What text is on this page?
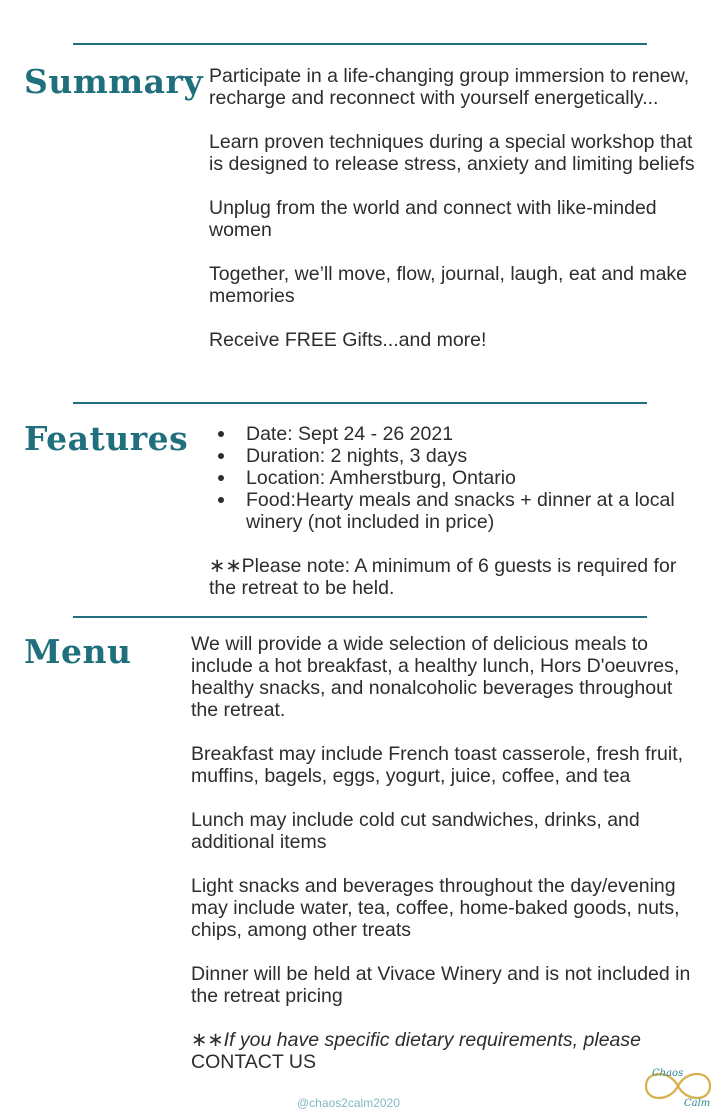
Summary Participate in a life-changing group immersion to renew, recharge and reconnect with yourself energetically...

Learn proven techniques during a special workshop that is designed to release stress, anxiety and limiting beliefs

Unplug from the world and connect with like-minded women

Together, we’ll move, flow, journal, laugh, eat and make memories

Receive FREE Gifts...and more!

Features	Date: Sept 24 - 26 2021
Duration: 2 nights, 3 days
Location: Amherstburg, Ontario
Food:Hearty meals and snacks + dinner at a local winery (not included in price)

∗∗Please note: A minimum of 6 guests is required for the retreat to be held.

Menu	We will provide a wide selection of delicious meals to include a hot breakfast, a healthy lunch, Hors D'oeuvres, healthy snacks, and nonalcoholic beverages throughout the retreat.

Breakfast may include French toast casserole, fresh fruit, muffins, bagels, eggs, yogurt, juice, coffee, and tea

Lunch may include cold cut sandwiches, drinks, and additional items

Light snacks and beverages throughout the day/evening may include water, tea, coffee, home-baked goods, nuts, chips, among other treats

Dinner will be held at Vivace Winery and is not included in the retreat pricing

∗∗If you have specific dietary requirements, please CONTACT US

@chaos2calm2020
Chaos
Calm
